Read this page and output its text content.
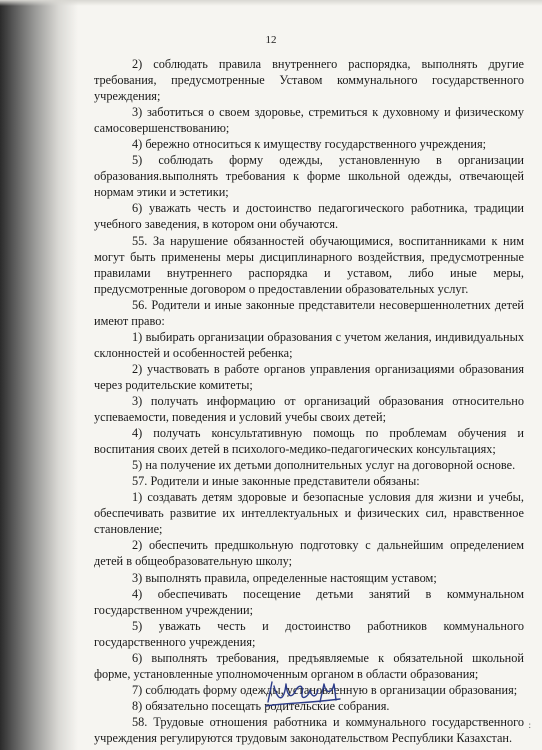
12

2) соблюдать правила внутреннего распорядка, выполнять другие требования, предусмотренные Уставом коммунального государственного учреждения;

3) заботиться о своем здоровье, стремиться к духовному и физическому самосовершенствованию;

4) бережно относиться к имуществу государственного учреждения;

5) соблюдать форму одежды, установленную в организации образования.выполнять требования к форме школьной одежды, отвечающей нормам этики и эстетики;

6) уважать честь и достоинство педагогического работника, традиции учебного заведения, в котором они обучаются.

55. За нарушение обязанностей обучающимися, воспитанниками к ним могут быть применены меры дисциплинарного воздействия, предусмотренные правилами внутреннего распорядка и уставом, либо иные меры, предусмотренные договором о предоставлении образовательных услуг.

56. Родители и иные законные представители несовершеннолетних детей имеют право:

1) выбирать организации образования с учетом желания, индивидуальных склонностей и особенностей ребенка;

2) участвовать в работе органов управления организациями образования через родительские комитеты;

3) получать информацию от организаций образования относительно успеваемости, поведения и условий учебы своих детей;

4) получать консультативную помощь по проблемам обучения и воспитания своих детей в психолого-медико-педагогических консультациях;

5) на получение их детьми дополнительных услуг на договорной основе.

57. Родители и иные законные представители обязаны:

1) создавать детям здоровые и безопасные условия для жизни и учебы, обеспечивать развитие их интеллектуальных и физических сил, нравственное становление;

2) обеспечить предшкольную подготовку с дальнейшим определением детей в общеобразовательную школу;

3) выполнять правила, определенные настоящим уставом;

4) обеспечивать посещение детьми занятий в коммунальном государственном учреждении;

5) уважать честь и достоинство работников коммунального государственного учреждения;

6) выполнять требования, предъявляемые к обязательной школьной форме, установленные уполномоченным органом в области образования;

7) соблюдать форму одежды, установленную в организации образования;

8) обязательно посещать родительские собрания.

58. Трудовые отношения работника и коммунального государственного учреждения регулируются трудовым законодательством Республики Казахстан.

:
